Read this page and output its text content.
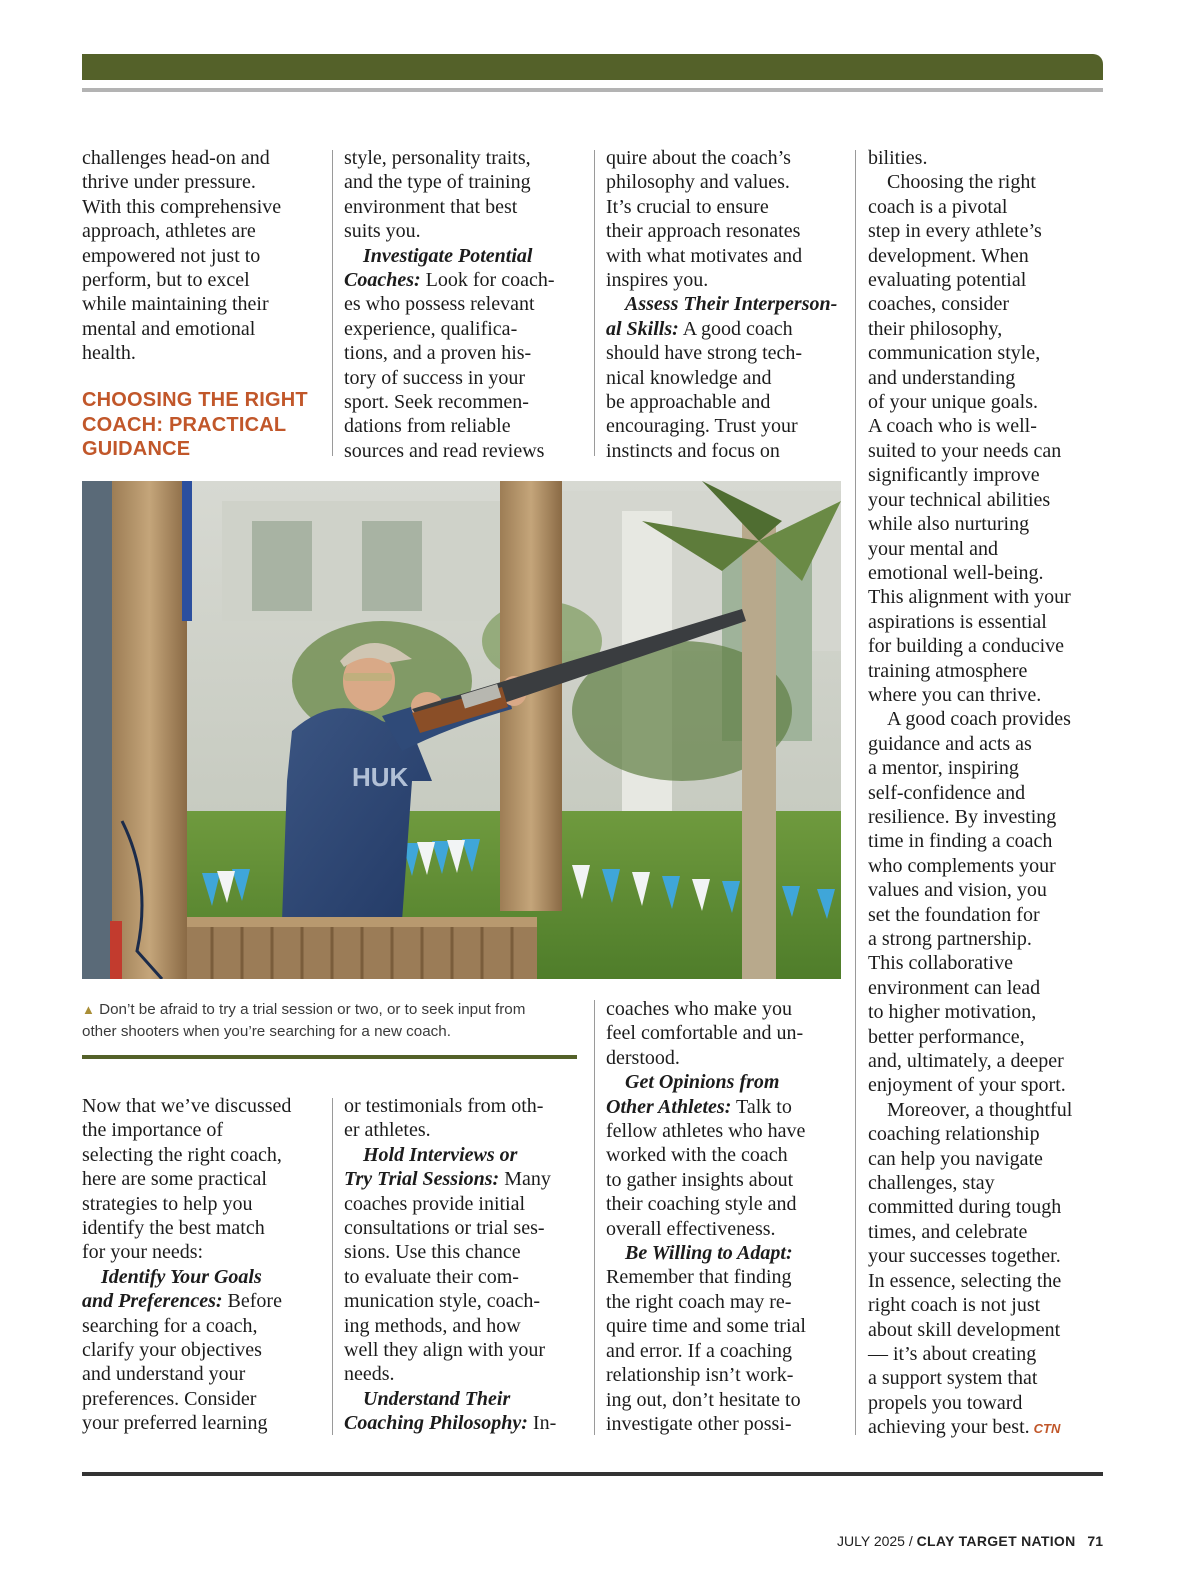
challenges head-on and

thrive under pressure.

With this comprehensive

approach, athletes are

empowered not just to

perform, but to excel

while maintaining their

mental and emotional

health.

CHOOSING THE RIGHT
COACH: PRACTICAL
GUIDANCE

style, personality traits,

and the type of training

environment that best

suits you.

Investigate Potential

Coaches: Look for coach-

es who possess relevant

experience, qualifica-

tions, and a proven his-

tory of success in your

sport. Seek recommen-

dations from reliable

sources and read reviews

quire about the coach’s

philosophy and values.

It’s crucial to ensure

their approach resonates

with what motivates and

inspires you.

Assess Their Interperson-

al Skills: A good coach

should have strong tech-

nical knowledge and

be approachable and

encouraging. Trust your

instincts and focus on

bilities.

Choosing the right

coach is a pivotal

step in every athlete’s

development. When

evaluating potential

coaches, consider

their philosophy,

communication style,

and understanding

of your unique goals.

A coach who is well-

suited to your needs can

significantly improve

your technical abilities

while also nurturing

your mental and

emotional well-being.

This alignment with your

aspirations is essential

for building a conducive

training atmosphere

where you can thrive.

A good coach provides

guidance and acts as

a mentor, inspiring

self-confidence and

resilience. By investing

time in finding a coach

who complements your

values and vision, you

set the foundation for

a strong partnership.

This collaborative

environment can lead

to higher motivation,

better performance,

and, ultimately, a deeper

enjoyment of your sport.

Moreover, a thoughtful

coaching relationship

can help you navigate

challenges, stay

committed during tough

times, and celebrate

your successes together.

In essence, selecting the

right coach is not just

about skill development

— it’s about creating

a support system that

propels you toward

achieving your best. CTN

HUK
▲ Don’t be afraid to try a trial session or two, or to seek input from
other shooters when you’re searching for a new coach.

Now that we’ve discussed

the importance of

selecting the right coach,

here are some practical

strategies to help you

identify the best match

for your needs:

Identify Your Goals

and Preferences: Before

searching for a coach,

clarify your objectives

and understand your

preferences. Consider

your preferred learning

or testimonials from oth-

er athletes.

Hold Interviews or

Try Trial Sessions: Many

coaches provide initial

consultations or trial ses-

sions. Use this chance

to evaluate their com-

munication style, coach-

ing methods, and how

well they align with your

needs.

Understand Their

Coaching Philosophy: In-

coaches who make you

feel comfortable and un-

derstood.

Get Opinions from

Other Athletes: Talk to

fellow athletes who have

worked with the coach

to gather insights about

their coaching style and

overall effectiveness.

Be Willing to Adapt:

Remember that finding

the right coach may re-

quire time and some trial

and error. If a coaching

relationship isn’t work-

ing out, don’t hesitate to

investigate other possi-

JULY 2025 / CLAY TARGET NATION 71
